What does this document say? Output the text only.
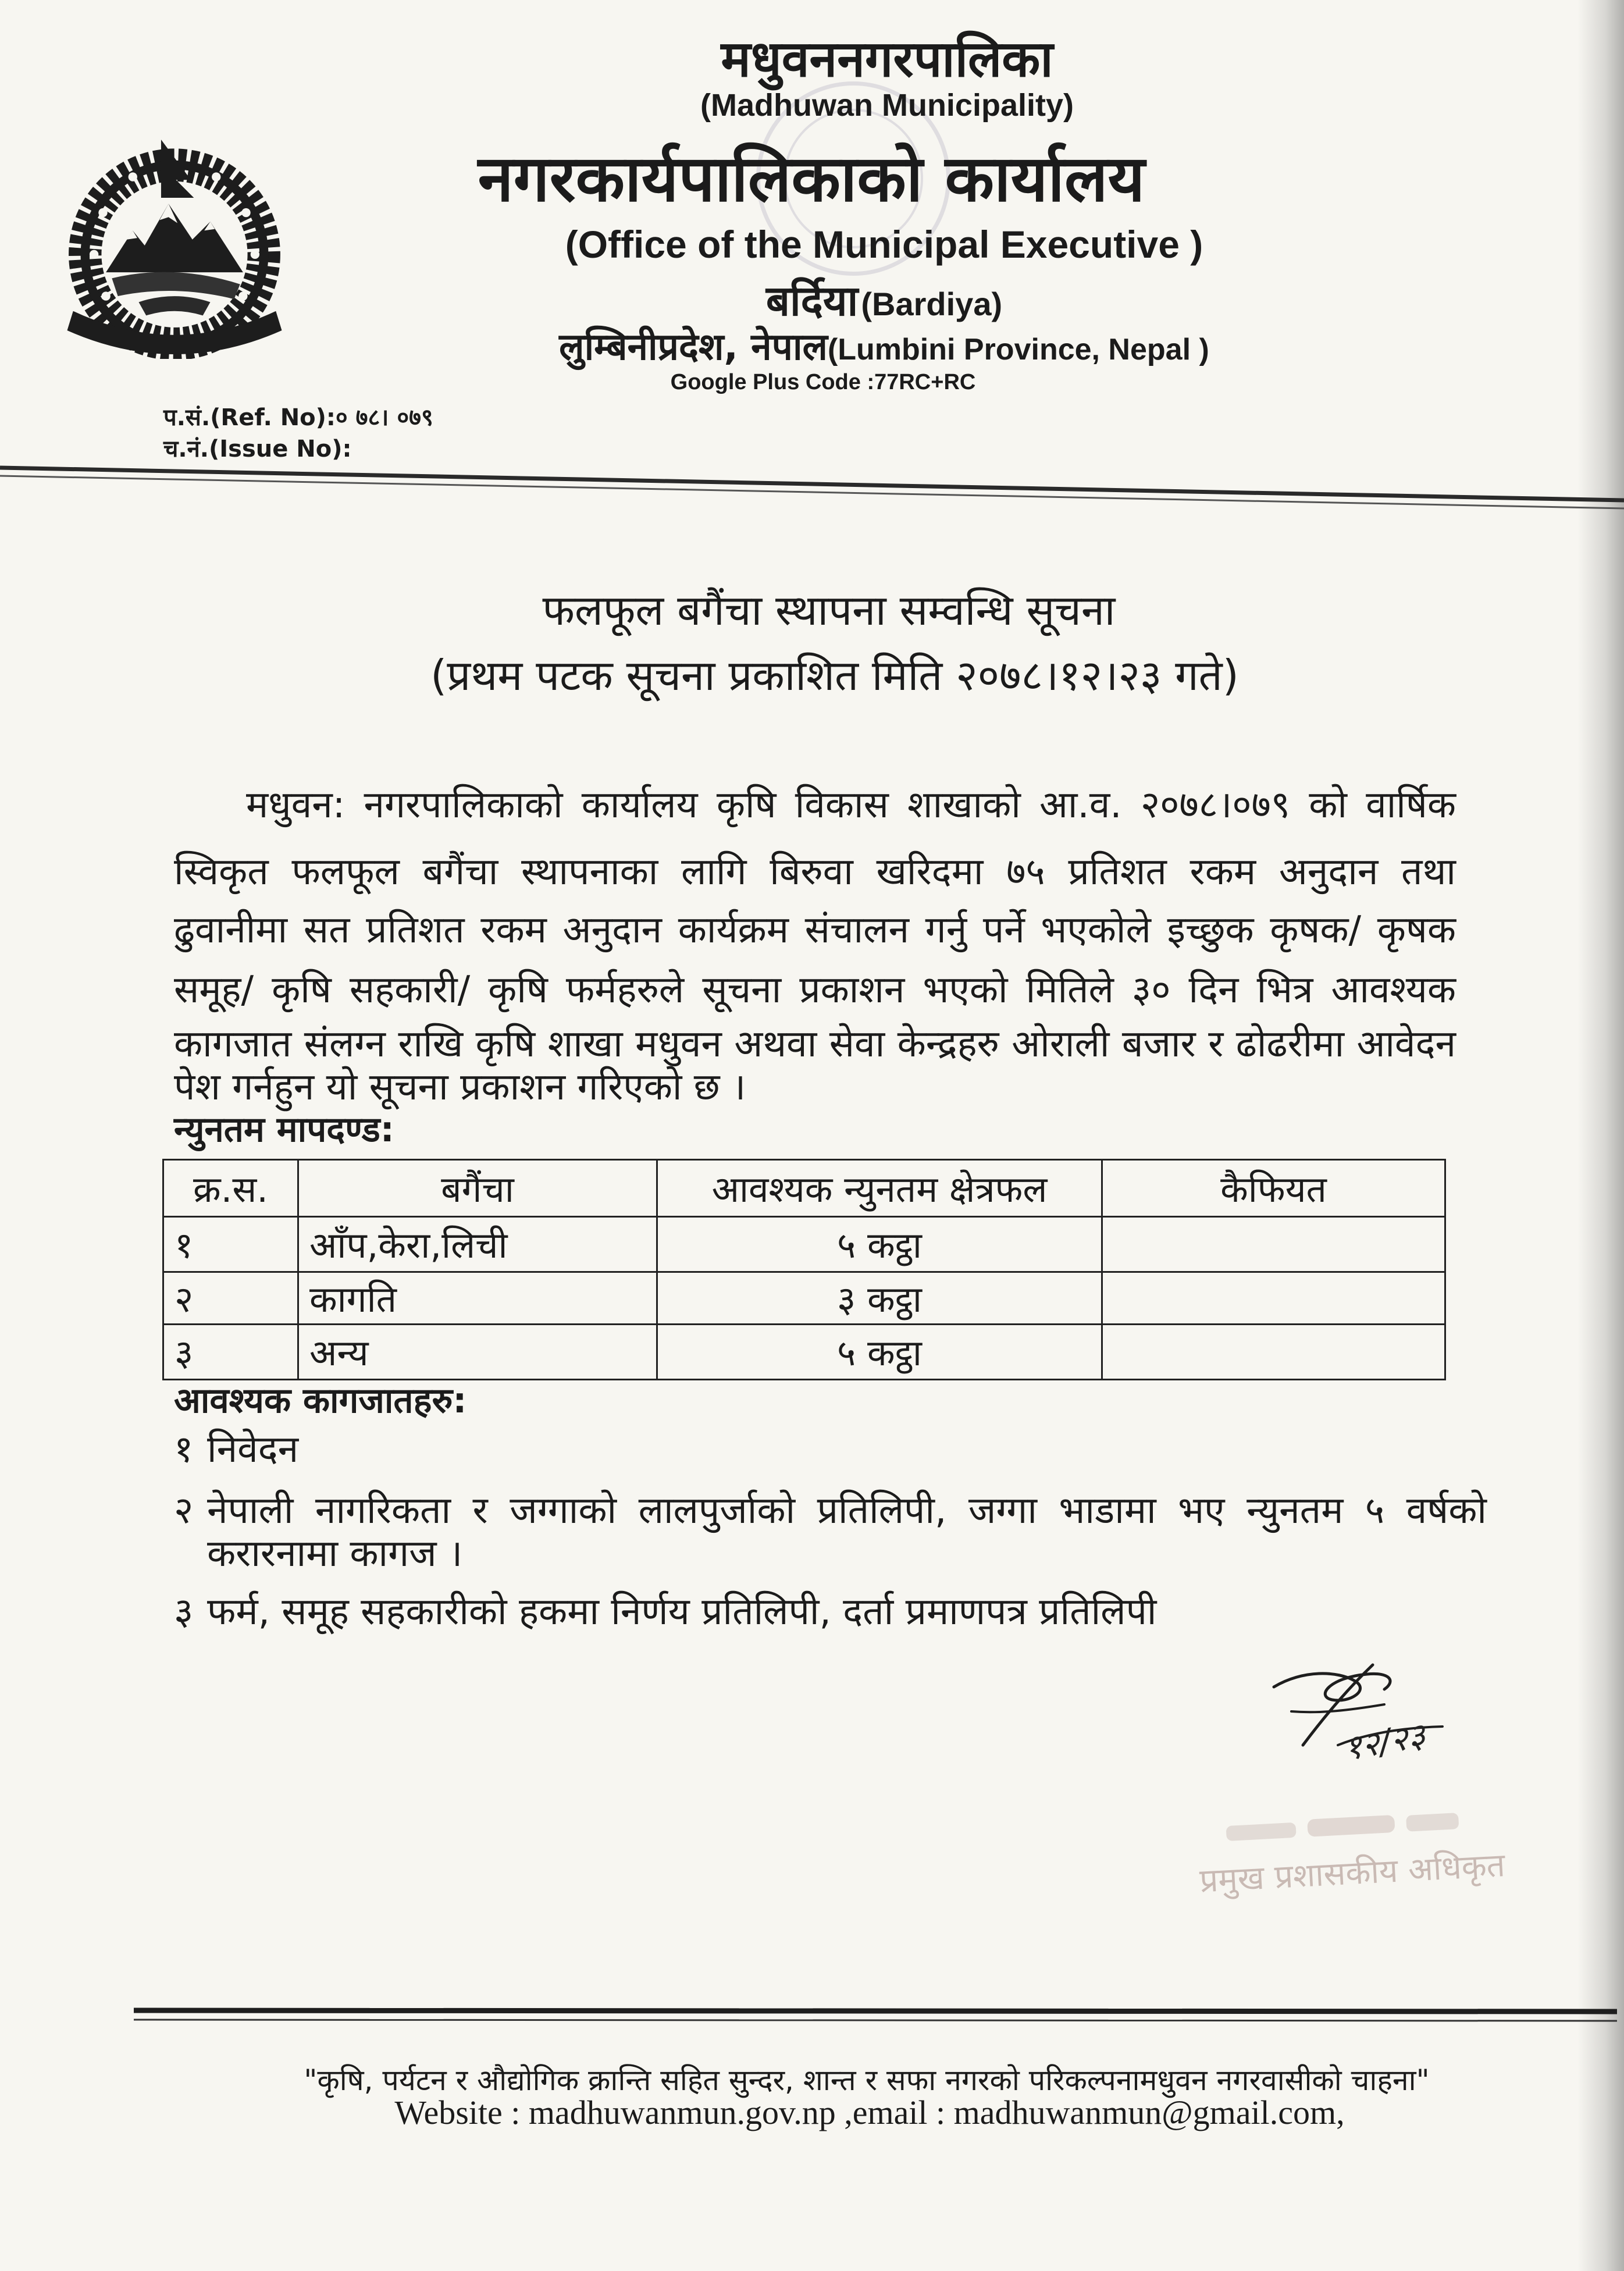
मधुवननगरपालिका
(Madhuwan Municipality)
नगरकार्यपालिकाको कार्यालय
(Office of the Municipal Executive )
बर्दिया (Bardiya)
लुम्बिनीप्रदेश, नेपाल(Lumbini Province, Nepal )
Google Plus Code :77RC+RC
प.सं.(Ref. No):० ७८। ०७९
च.नं.(Issue No):
फलफूल बगैंचा स्थापना सम्वन्धि सूचना
(प्रथम पटक सूचना प्रकाशित मिति २०७८।१२।२३ गते)
मधुवन: नगरपालिकाको कार्यालय कृषि विकास शाखाको आ.व. २०७८।०७९ को वार्षिक
स्विकृत फलफूल बगैंचा स्थापनाका लागि बिरुवा खरिदमा ७५ प्रतिशत रकम अनुदान तथा
ढुवानीमा सत प्रतिशत रकम अनुदान कार्यक्रम संचालन गर्नु पर्ने भएकोले इच्छुक कृषक/ कृषक
समूह/ कृषि सहकारी/ कृषि फर्महरुले सूचना प्रकाशन भएको मितिले ३० दिन भित्र आवश्यक
कागजात संलग्न राखि कृषि शाखा मधुवन अथवा सेवा केन्द्रहरु ओराली बजार र ढोढरीमा आवेदन
पेश गर्नहुन यो सूचना प्रकाशन गरिएको छ ।
न्युनतम मापदण्ड:
क्र.स.	बगैंचा	आवश्यक न्युनतम क्षेत्रफल	कैफियत
१	आँप,केरा,लिची	५ कट्ठा	
२	कागति	३ कट्ठा	
३	अन्य	५ कट्ठा	
आवश्यक कागजातहरु:
१ निवेदन
२ नेपाली नागरिकता र जग्गाको लालपुर्जाको प्रतिलिपी, जग्गा भाडामा भए न्युनतम ५ वर्षको
करारनामा कागज ।
३ फर्म, समूह सहकारीको हकमा निर्णय प्रतिलिपी, दर्ता प्रमाणपत्र प्रतिलिपी
१२/२३
प्रमुख प्रशासकीय अधिकृत
"कृषि, पर्यटन र औद्योगिक क्रान्ति सहित सुन्दर, शान्त र सफा नगरको परिकल्पनामधुवन नगरवासीको चाहना"
Website : madhuwanmun.gov.np ,email : madhuwanmun@gmail.com,
